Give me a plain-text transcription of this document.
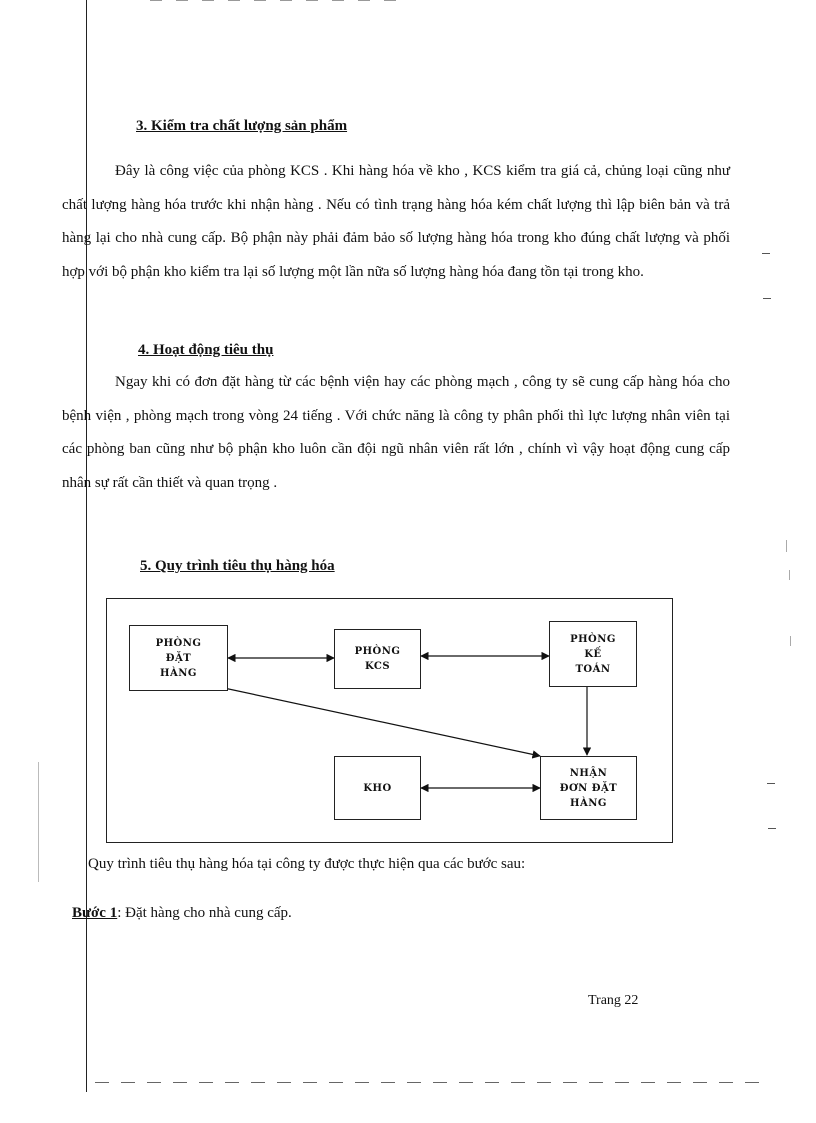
3. Kiểm tra chất lượng sản phẩm

Đây là công việc của phòng KCS . Khi hàng hóa về kho , KCS kiểm tra giá cả, chủng loại cũng như chất lượng hàng hóa trước khi nhận hàng . Nếu có tình trạng hàng hóa kém chất lượng thì lập biên bản và trả hàng lại cho nhà cung cấp. Bộ phận này phải đảm bảo số lượng hàng hóa trong kho đúng chất lượng và phối hợp với bộ phận kho kiểm tra lại số lượng một lần nữa số lượng hàng hóa đang tồn tại trong kho.

4. Hoạt động tiêu thụ

Ngay khi có đơn đặt hàng từ các bệnh viện hay các phòng mạch , công ty sẽ cung cấp hàng hóa cho bệnh viện , phòng mạch trong vòng 24 tiếng . Với chức năng là công ty phân phối thì lực lượng nhân viên tại các phòng ban cũng như bộ phận kho luôn cần đội ngũ nhân viên rất lớn , chính vì vậy hoạt động cung cấp nhân sự rất cần thiết và quan trọng .

5. Quy trình tiêu thụ hàng hóa
PHÒNG
ĐẶT
HÀNG
PHÒNG
KCS
PHÒNG
KẾ
TOÁN
KHO
NHẬN
ĐƠN ĐẶT
HÀNG
Quy trình tiêu thụ hàng hóa tại công ty được thực hiện qua các bước sau:
Bước 1: Đặt hàng cho nhà cung cấp.
Trang 22
